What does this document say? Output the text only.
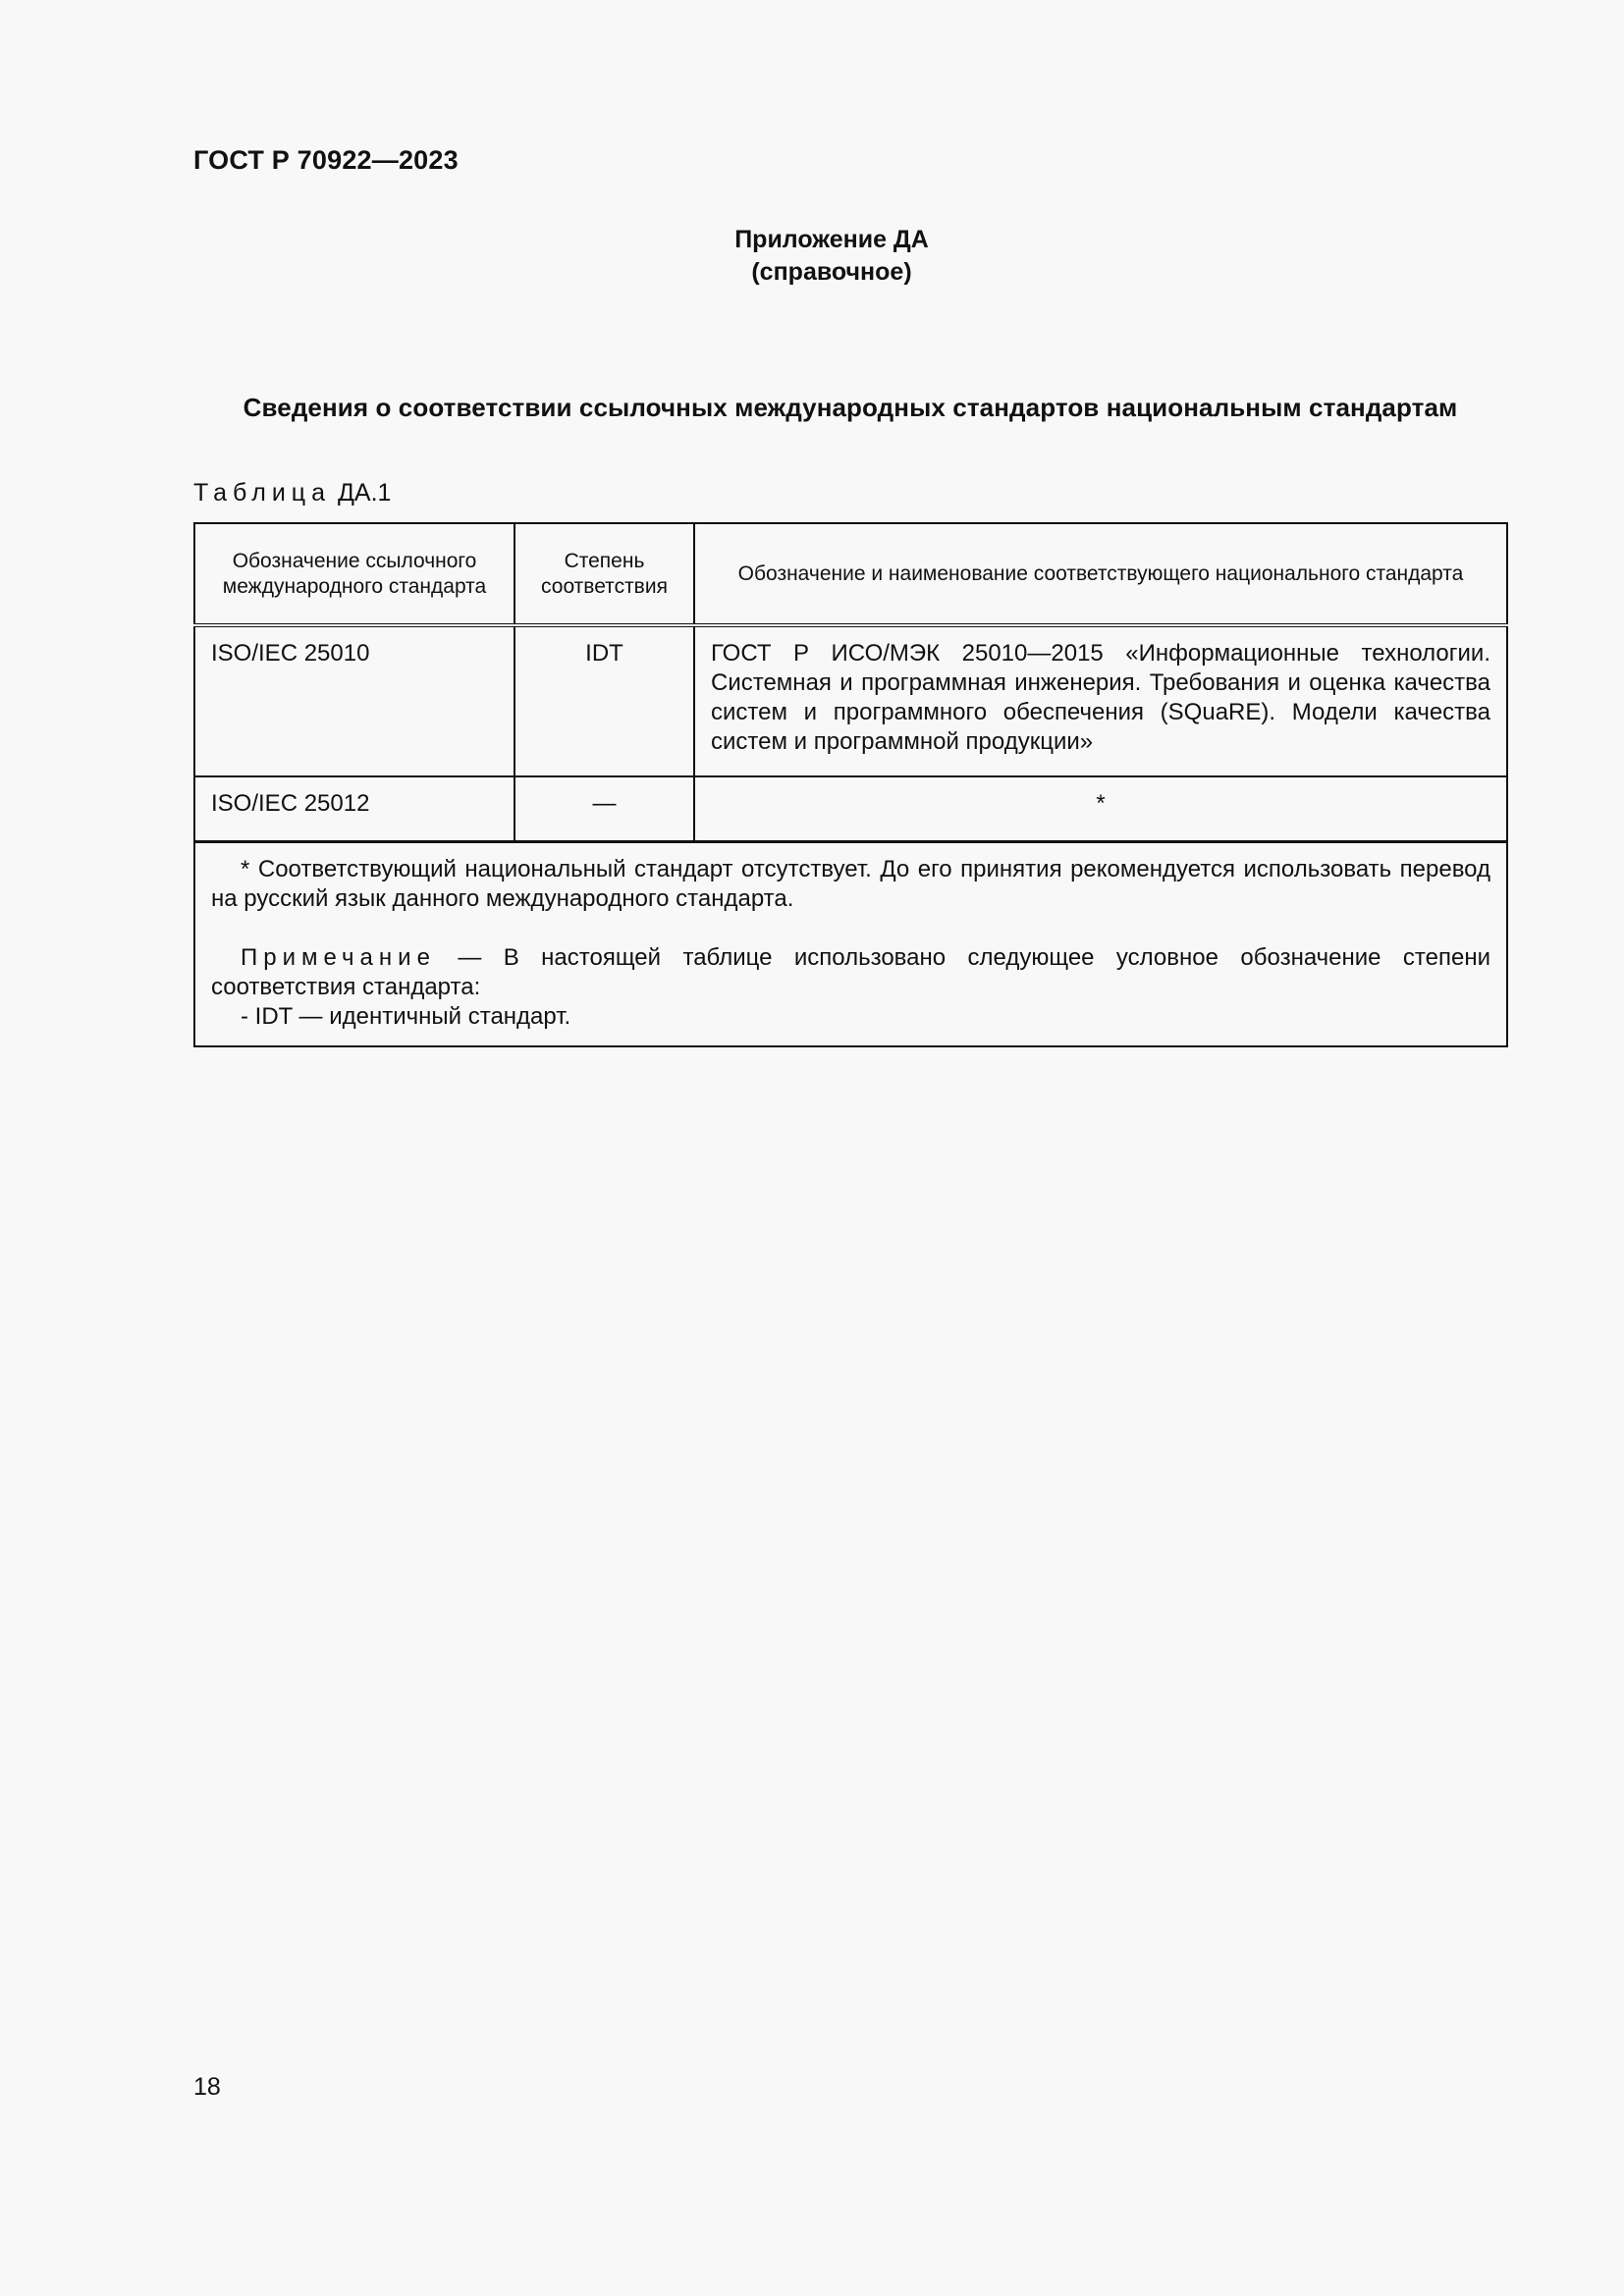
ГОСТ Р 70922—2023
Приложение ДА
(справочное)
Сведения о соответствии ссылочных международных стандартов национальным стандартам
Таблица ДА.1
Обозначение ссылочного международного стандарта	Степень соответствия	Обозначение и наименование соответствующего национального стандарта
ISO/IEC 25010	IDT	ГОСТ Р ИСО/МЭК 25010—2015 «Информационные технологии. Системная и программная инженерия. Требования и оценка качества систем и программного обеспечения (SQuaRE). Модели качества систем и программной продукции»
ISO/IEC 25012	—	*

* Соответствующий национальный стандарт отсутствует. До его принятия рекомендуется использовать перевод на русский язык данного международного стандарта.

Примечание — В настоящей таблице использовано следующее условное обозначение степени соответствия стандарта:

- IDT — идентичный стандарт.		

18
